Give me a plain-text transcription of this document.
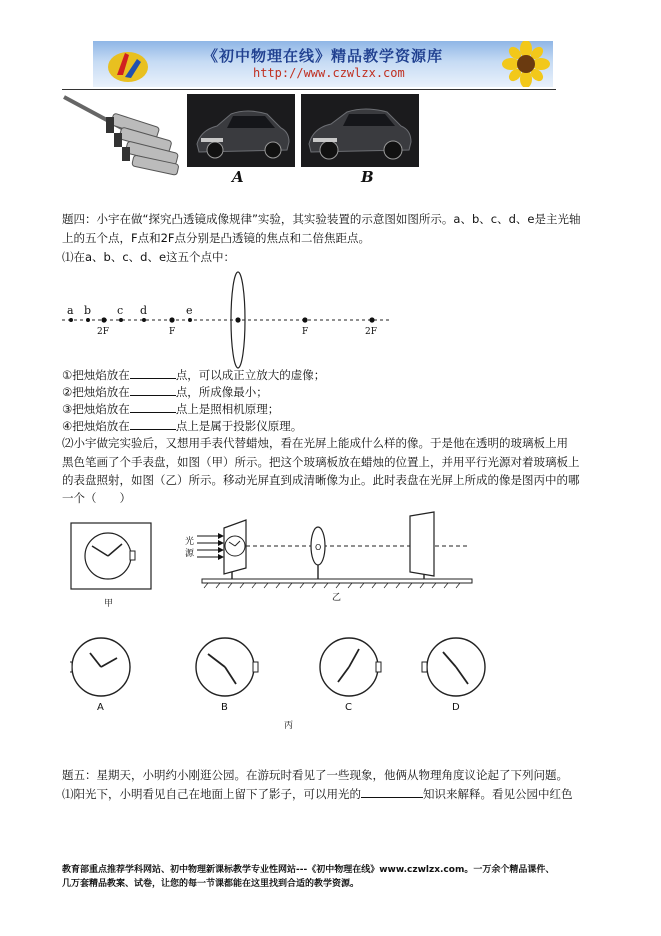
《初中物理在线》精品教学资源库
http://www.czwlzx.com
A	B
题四：小宇在做“探究凸透镜成像规律”实验，其实验装置的示意图如图所示。a、b、c、d、e是主光轴
上的五个点，F点和2F点分别是凸透镜的焦点和二倍焦距点。
⑴在a、b、c、d、e这五个点中：
a b c d	e
2F	F	F	2F
①把烛焰放在	点，可以成正立放大的虚像；
②把烛焰放在	点，所成像最小；
③把烛焰放在	点上是照相机原理；
④把烛焰放在	点上是属于投影仪原理。
⑵小宇做完实验后，又想用手表代替蜡烛，看在光屏上能成什么样的像。于是他在透明的玻璃板上用
黑色笔画了个手表盘，如图（甲）所示。把这个玻璃板放在蜡烛的位置上，并用平行光源对着玻璃板上
的表盘照射，如图（乙）所示。移动光屏直到成清晰像为止。此时表盘在光屏上所成的像是图丙中的哪
一个（　　）
甲
光
源
O
乙
A	B	C	D
丙
题五：星期天，小明约小刚逛公园。在游玩时看见了一些现象，他俩从物理角度议论起了下列问题。
⑴阳光下，小明看见自己在地面上留下了影子，可以用光的	知识来解释。看见公园中红色
教育部重点推荐学科网站、初中物理新课标教学专业性网站---《初中物理在线》www.czwlzx.com。一万余个精品课件、
几万套精品教案、试卷，让您的每一节课都能在这里找到合适的教学资源。
